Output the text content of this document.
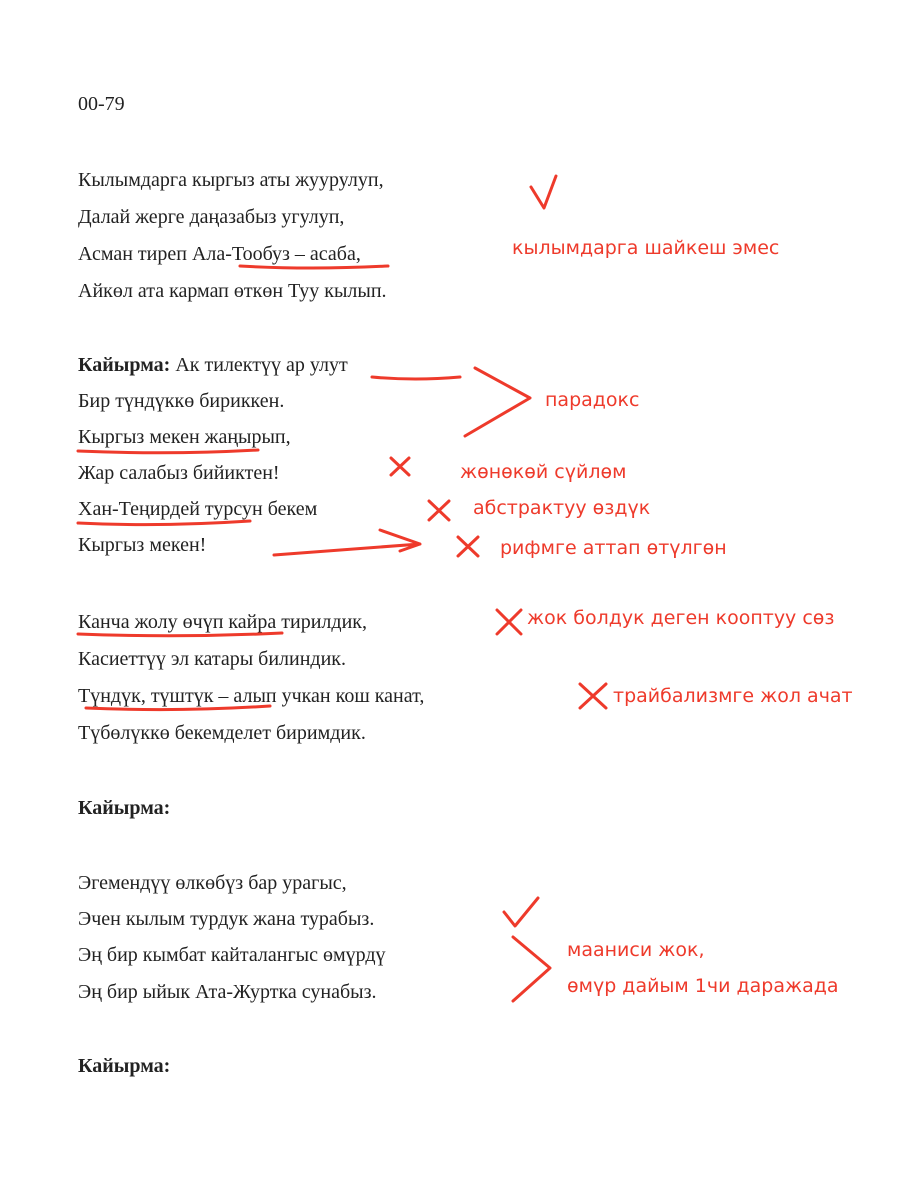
00-79
Кылымдарга кыргыз аты жуурулуп,
Далай жерге даңазабыз угулуп,
Асман тиреп Ала-Тообуз – асаба,
Айкөл ата кармап өткөн Туу кылып.
Кайырма: Ак тилектүү ар улут
Бир түндүккө бириккен.
Кыргыз мекен жаңырып,
Жар салабыз бийиктен!
Хан-Теңирдей турсун бекем
Кыргыз мекен!
Канча жолу өчүп кайра тирилдик,
Касиеттүү эл катары билиндик.
Түндүк, түштүк – алып учкан кош канат,
Түбөлүккө бекемделет биримдик.
Кайырма:
Эгемендүү өлкөбүз бар урагыс,
Эчен кылым турдук жана турабыз.
Эң бир кымбат кайталангыс өмүрдү
Эң бир ыйык Ата-Журтка сунабыз.
Кайырма:
кылымдарга шайкеш эмес
парадокс
жөнөкөй сүйлөм
абстрактуу өздүк
рифмге аттап өтүлгөн
жок болдук деген кооптуу сөз
трайбализмге жол ачат
мааниси жок,
өмүр дайым 1чи даражада
